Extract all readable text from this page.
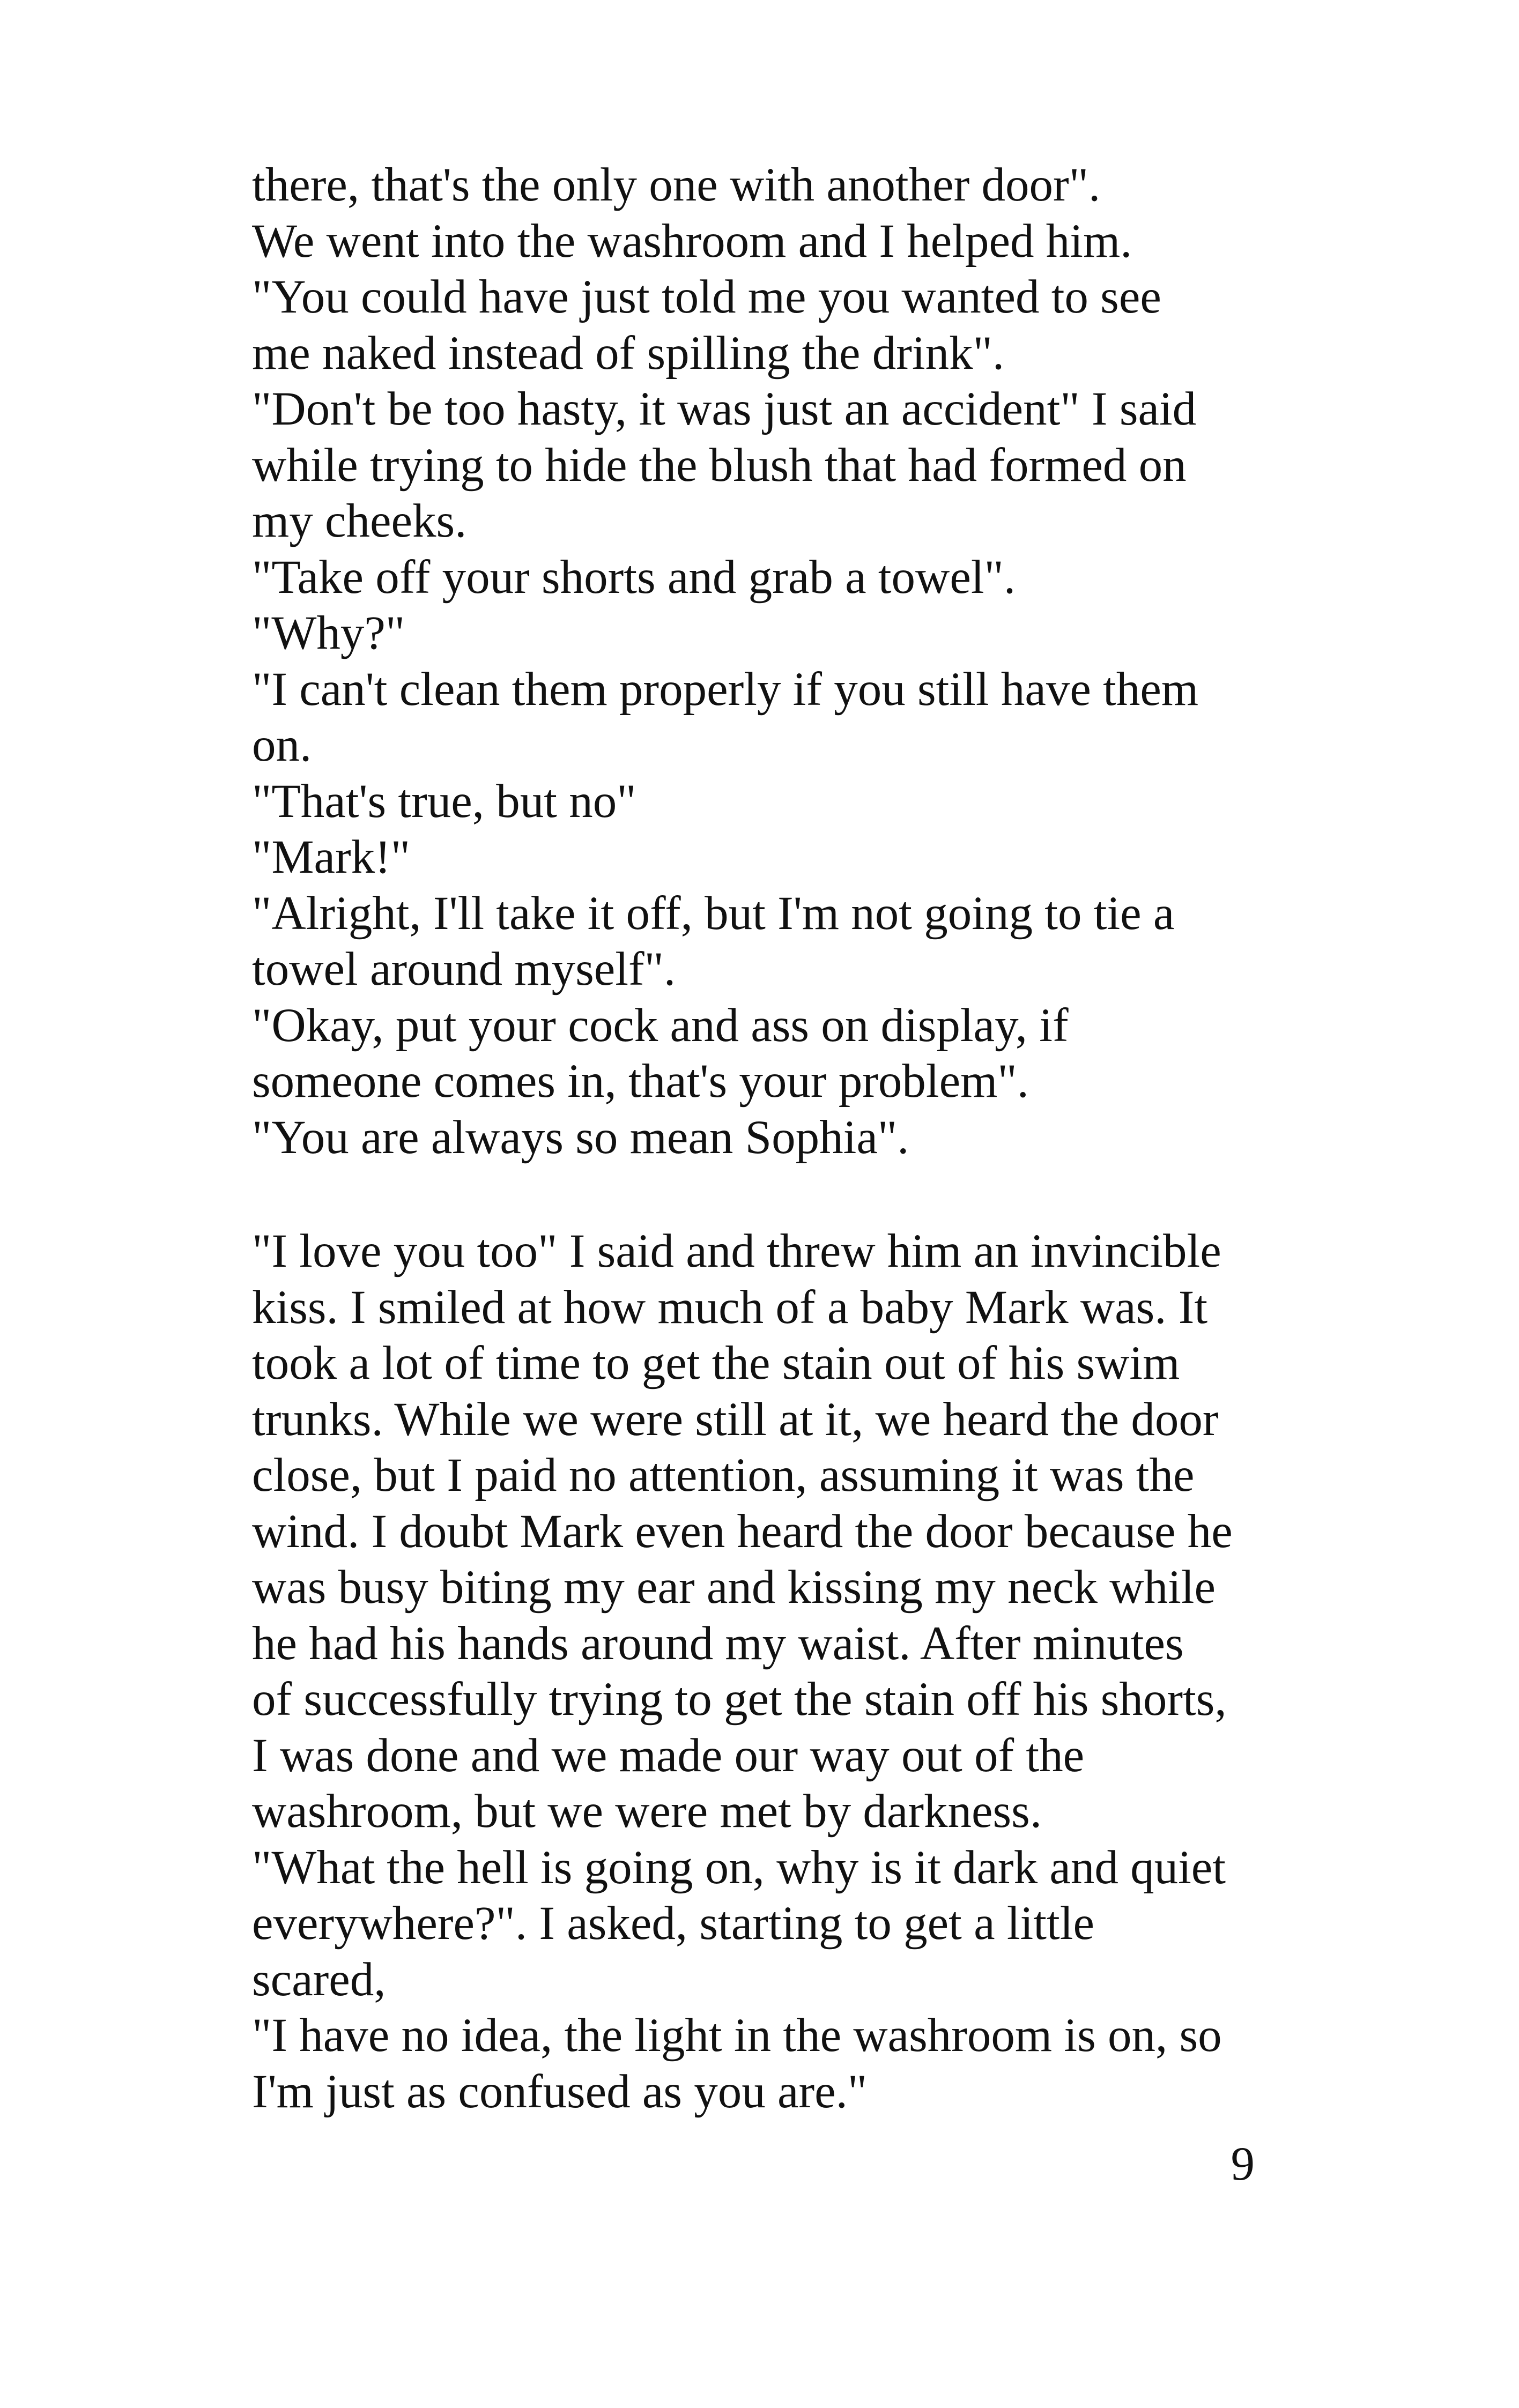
there, that's the only one with another door".
We went into the washroom and I helped him.
"You could have just told me you wanted to see
me naked instead of spilling the drink".
"Don't be too hasty, it was just an accident" I said
while trying to hide the blush that had formed on
my cheeks.
"Take off your shorts and grab a towel".
"Why?"
"I can't clean them properly if you still have them
on.
"That's true, but no"
"Mark!"
"Alright, I'll take it off, but I'm not going to tie a
towel around myself".
"Okay, put your cock and ass on display, if
someone comes in, that's your problem".
"You are always so mean Sophia".
"I love you too" I said and threw him an invincible
kiss. I smiled at how much of a baby Mark was. It
took a lot of time to get the stain out of his swim
trunks. While we were still at it, we heard the door
close, but I paid no attention, assuming it was the
wind. I doubt Mark even heard the door because he
was busy biting my ear and kissing my neck while
he had his hands around my waist. After minutes
of successfully trying to get the stain off his shorts,
I was done and we made our way out of the
washroom, but we were met by darkness.
"What the hell is going on, why is it dark and quiet
everywhere?". I asked, starting to get a little
scared,
"I have no idea, the light in the washroom is on, so
I'm just as confused as you are."
9
